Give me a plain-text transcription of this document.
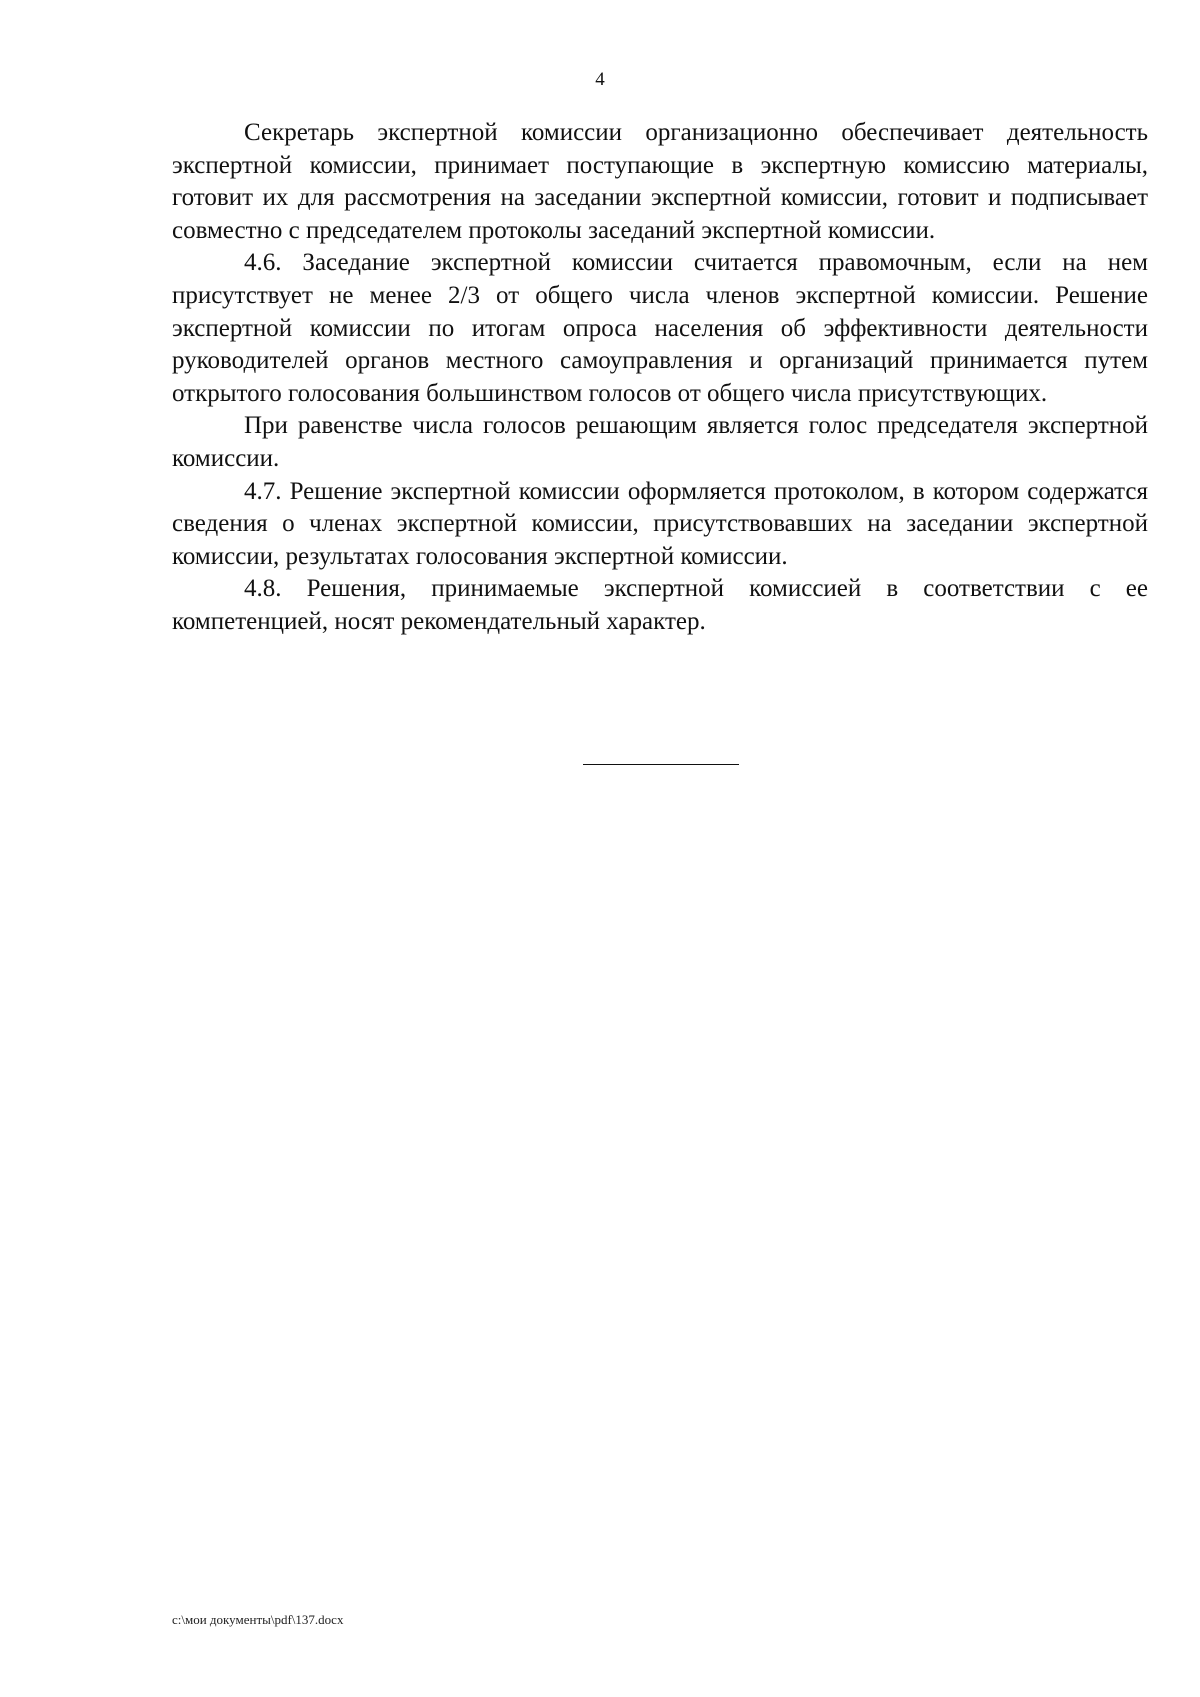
4

Секретарь экспертной комиссии организационно обеспечивает деятельность экспертной комиссии, принимает поступающие в экспертную комиссию материалы, готовит их для рассмотрения на заседании экспертной комиссии, готовит и подписывает совместно с председателем протоколы заседаний экспертной комиссии.

4.6. Заседание экспертной комиссии считается правомочным, если на нем присутствует не менее 2/3 от общего числа членов экспертной комиссии. Решение экспертной комиссии по итогам опроса населения об эффективности деятельности руководителей органов местного самоуправления и организаций принимается путем открытого голосования большинством голосов от общего числа присутствующих.

При равенстве числа голосов решающим является голос председателя экспертной комиссии.

4.7. Решение экспертной комиссии оформляется протоколом, в котором содержатся сведения о членах экспертной комиссии, присутствовавших на заседании экспертной комиссии, результатах голосования экспертной комиссии.

4.8. Решения, принимаемые экспертной комиссией в соответствии с ее компетенцией, носят рекомендательный характер.

c:\мои документы\pdf\137.docx
